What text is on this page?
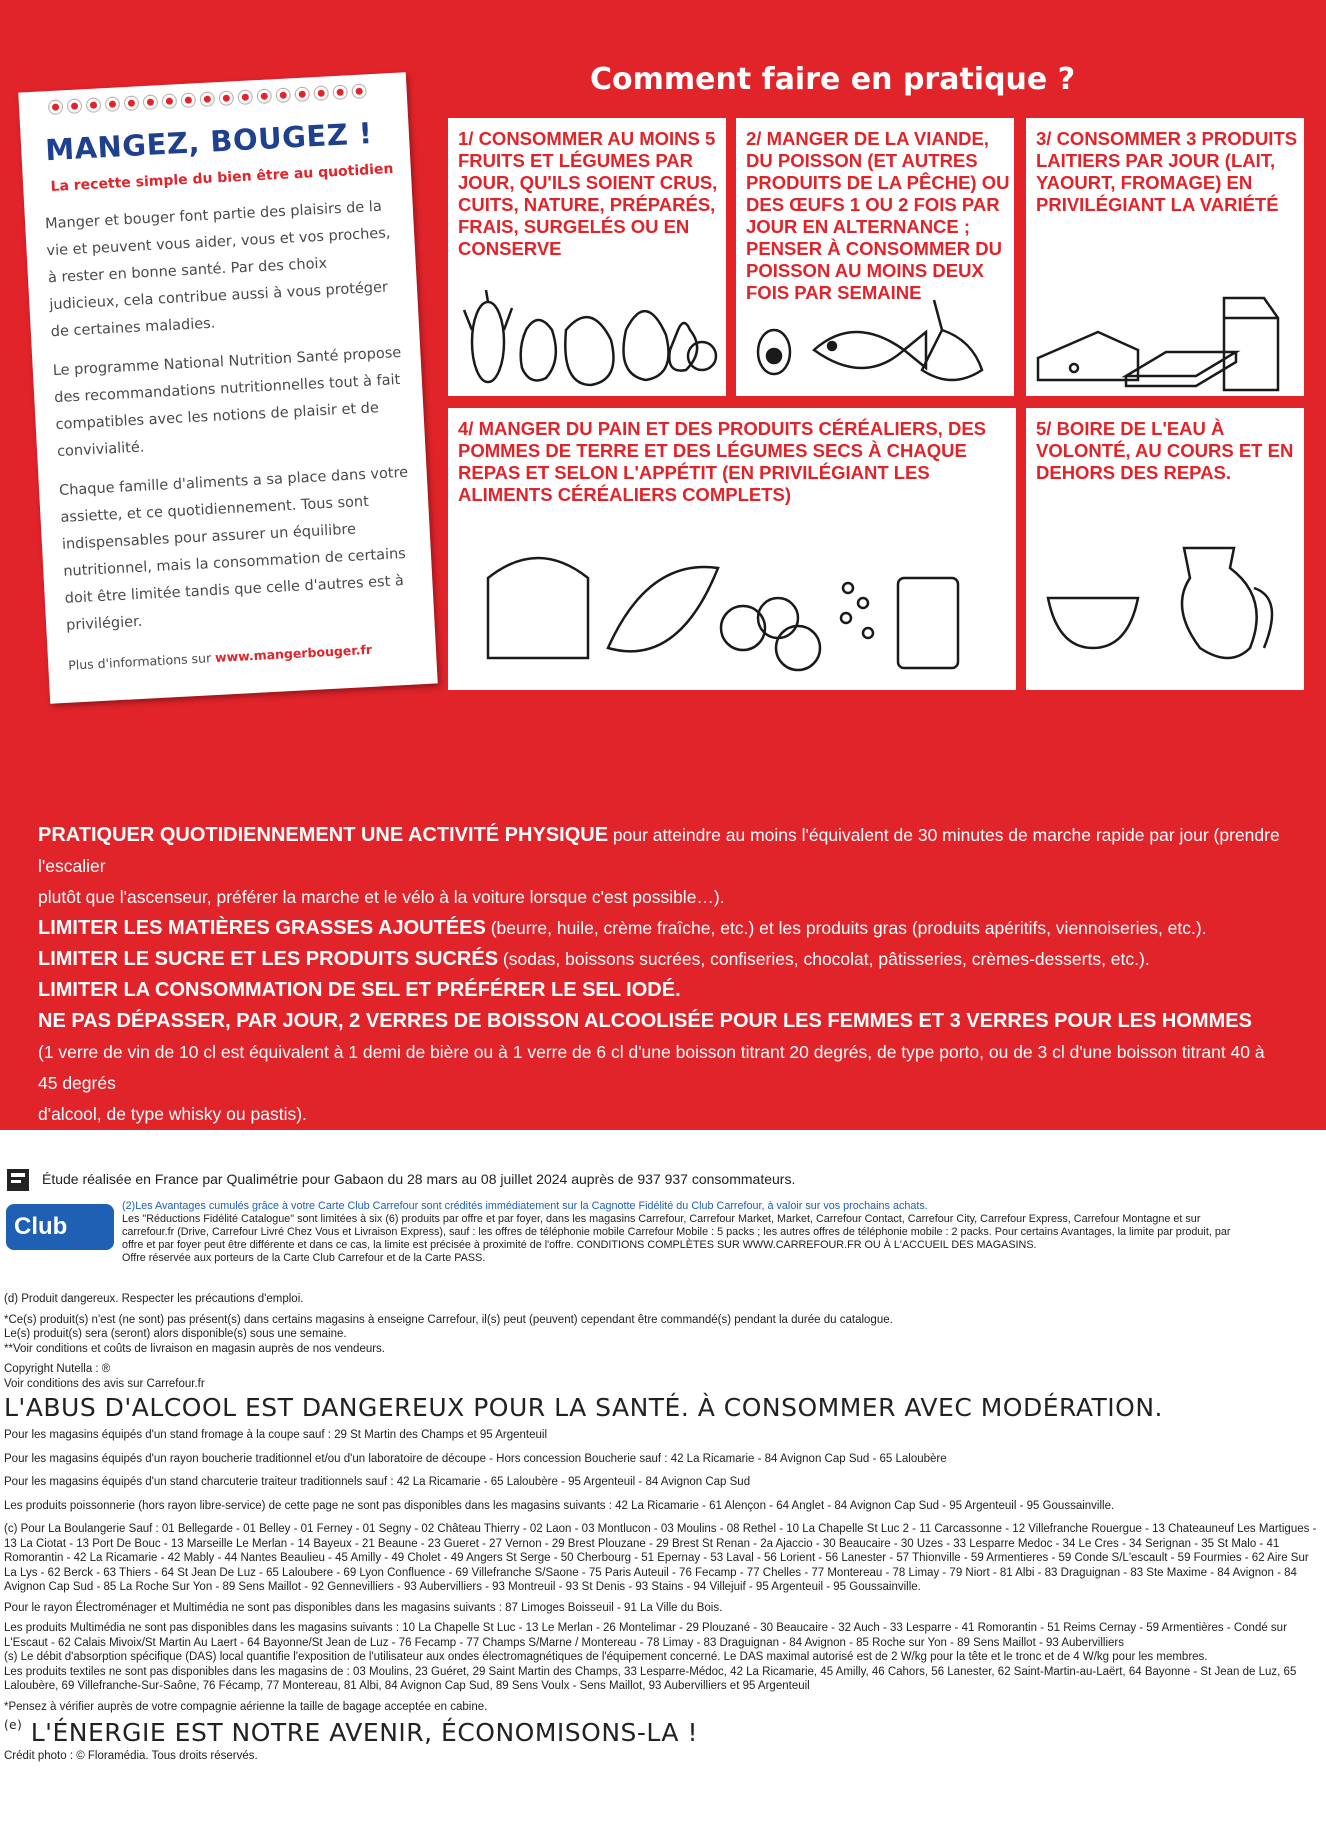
MANGEZ, BOUGEZ !

La recette simple du bien être au quotidien

Manger et bouger font partie des plaisirs de la vie et peuvent vous aider, vous et vos proches, à rester en bonne santé. Par des choix judicieux, cela contribue aussi à vous protéger de certaines maladies.

Le programme National Nutrition Santé propose des recommandations nutritionnelles tout à fait compatibles avec les notions de plaisir et de convivialité.

Chaque famille d'aliments a sa place dans votre assiette, et ce quotidiennement. Tous sont indispensables pour assurer un équilibre nutritionnel, mais la consommation de certains doit être limitée tandis que celle d'autres est à privilégier.

Plus d'informations sur www.mangerbouger.fr

Comment faire en pratique ?
1/ CONSOMMER AU MOINS 5 FRUITS ET LÉGUMES PAR JOUR, QU'ILS SOIENT CRUS, CUITS, NATURE, PRÉPARÉS, FRAIS, SURGELÉS OU EN CONSERVE
2/ MANGER DE LA VIANDE, DU POISSON (ET AUTRES PRODUITS DE LA PÊCHE) OU DES ŒUFS 1 OU 2 FOIS PAR JOUR EN ALTERNANCE ; PENSER À CONSOMMER DU POISSON AU MOINS DEUX FOIS PAR SEMAINE
3/ CONSOMMER 3 PRODUITS LAITIERS PAR JOUR (LAIT, YAOURT, FROMAGE) EN PRIVILÉGIANT LA VARIÉTÉ
4/ MANGER DU PAIN ET DES PRODUITS CÉRÉALIERS, DES POMMES DE TERRE ET DES LÉGUMES SECS À CHAQUE REPAS ET SELON L'APPÉTIT (EN PRIVILÉGIANT LES ALIMENTS CÉRÉALIERS COMPLETS)
5/ BOIRE DE L'EAU À VOLONTÉ, AU COURS ET EN DEHORS DES REPAS.

PRATIQUER QUOTIDIENNEMENT UNE ACTIVITÉ PHYSIQUE pour atteindre au moins l'équivalent de 30 minutes de marche rapide par jour (prendre l'escalier

plutôt que l'ascenseur, préférer la marche et le vélo à la voiture lorsque c'est possible…).

LIMITER LES MATIÈRES GRASSES AJOUTÉES (beurre, huile, crème fraîche, etc.) et les produits gras (produits apéritifs, viennoiseries, etc.).

LIMITER LE SUCRE ET LES PRODUITS SUCRÉS (sodas, boissons sucrées, confiseries, chocolat, pâtisseries, crèmes-desserts, etc.).

LIMITER LA CONSOMMATION DE SEL ET PRÉFÉRER LE SEL IODÉ.

NE PAS DÉPASSER, PAR JOUR, 2 VERRES DE BOISSON ALCOOLISÉE POUR LES FEMMES ET 3 VERRES POUR LES HOMMES

(1 verre de vin de 10 cl est équivalent à 1 demi de bière ou à 1 verre de 6 cl d'une boisson titrant 20 degrés, de type porto, ou de 3 cl d'une boisson titrant 40 à 45 degrés

d'alcool, de type whisky ou pastis).

Étude réalisée en France par Qualimétrie pour Gabaon du 28 mars au 08 juillet 2024 auprès de 937 937 consommateurs.

Club

(2)Les Avantages cumulés grâce à votre Carte Club Carrefour sont crédités immédiatement sur la Cagnotte Fidélité du Club Carrefour, à valoir sur vos prochains achats.

Les "Réductions Fidélité Catalogue" sont limitées à six (6) produits par offre et par foyer, dans les magasins Carrefour, Carrefour Market, Market, Carrefour Contact, Carrefour City, Carrefour Express, Carrefour Montagne et sur

carrefour.fr (Drive, Carrefour Livré Chez Vous et Livraison Express), sauf : les offres de téléphonie mobile Carrefour Mobile : 5 packs ; les autres offres de téléphonie mobile : 2 packs. Pour certains Avantages, la limite par produit, par

offre et par foyer peut être différente et dans ce cas, la limite est précisée à proximité de l'offre. CONDITIONS COMPLÈTES SUR WWW.CARREFOUR.FR OU À L'ACCUEIL DES MAGASINS.

Offre réservée aux porteurs de la Carte Club Carrefour et de la Carte PASS.

(d) Produit dangereux. Respecter les précautions d'emploi.

*Ce(s) produit(s) n'est (ne sont) pas présent(s) dans certains magasins à enseigne Carrefour, il(s) peut (peuvent) cependant être commandé(s) pendant la durée du catalogue.

Le(s) produit(s) sera (seront) alors disponible(s) sous une semaine.

**Voir conditions et coûts de livraison en magasin auprès de nos vendeurs.

Copyright Nutella : ®

Voir conditions des avis sur Carrefour.fr

L'ABUS D'ALCOOL EST DANGEREUX POUR LA SANTÉ. À CONSOMMER AVEC MODÉRATION.

Pour les magasins équipés d'un stand fromage à la coupe sauf : 29 St Martin des Champs et 95 Argenteuil

Pour les magasins équipés d'un rayon boucherie traditionnel et/ou d'un laboratoire de découpe - Hors concession Boucherie sauf : 42 La Ricamarie - 84 Avignon Cap Sud - 65 Laloubère

Pour les magasins équipés d'un stand charcuterie traiteur traditionnels sauf : 42 La Ricamarie - 65 Laloubère - 95 Argenteuil - 84 Avignon Cap Sud

Les produits poissonnerie (hors rayon libre-service) de cette page ne sont pas disponibles dans les magasins suivants : 42 La Ricamarie - 61 Alençon - 64 Anglet - 84 Avignon Cap Sud - 95 Argenteuil - 95 Goussainville.

(c) Pour La Boulangerie Sauf : 01 Bellegarde - 01 Belley - 01 Ferney - 01 Segny - 02 Château Thierry - 02 Laon - 03 Montlucon - 03 Moulins - 08 Rethel - 10 La Chapelle St Luc 2 - 11 Carcassonne - 12 Villefranche Rouergue - 13 Chateauneuf Les Martigues - 13 La Ciotat - 13 Port De Bouc - 13 Marseille Le Merlan - 14 Bayeux - 21 Beaune - 23 Gueret - 27 Vernon - 29 Brest Plouzane - 29 Brest St Renan - 2a Ajaccio - 30 Beaucaire - 30 Uzes - 33 Lesparre Medoc - 34 Le Cres - 34 Serignan - 35 St Malo - 41 Romorantin - 42 La Ricamarie - 42 Mably - 44 Nantes Beaulieu - 45 Amilly - 49 Cholet - 49 Angers St Serge - 50 Cherbourg - 51 Epernay - 53 Laval - 56 Lorient - 56 Lanester - 57 Thionville - 59 Armentieres - 59 Conde S/L'escault - 59 Fourmies - 62 Aire Sur La Lys - 62 Berck - 63 Thiers - 64 St Jean De Luz - 65 Laloubere - 69 Lyon Confluence - 69 Villefranche S/Saone - 75 Paris Auteuil - 76 Fecamp - 77 Chelles - 77 Montereau - 78 Limay - 79 Niort - 81 Albi - 83 Draguignan - 83 Ste Maxime - 84 Avignon - 84 Avignon Cap Sud - 85 La Roche Sur Yon - 89 Sens Maillot - 92 Gennevilliers - 93 Aubervilliers - 93 Montreuil - 93 St Denis - 93 Stains - 94 Villejuif - 95 Argenteuil - 95 Goussainville.

Pour le rayon Électroménager et Multimédia ne sont pas disponibles dans les magasins suivants : 87 Limoges Boisseuil - 91 La Ville du Bois.

Les produits Multimédia ne sont pas disponibles dans les magasins suivants : 10 La Chapelle St Luc - 13 Le Merlan - 26 Montelimar - 29 Plouzané - 30 Beaucaire - 32 Auch - 33 Lesparre - 41 Romorantin - 51 Reims Cernay - 59 Armentières - Condé sur L'Escaut - 62 Calais Mivoix/St Martin Au Laert - 64 Bayonne/St Jean de Luz - 76 Fecamp - 77 Champs S/Marne / Montereau - 78 Limay - 83 Draguignan - 84 Avignon - 85 Roche sur Yon - 89 Sens Maillot - 93 Aubervilliers

(s) Le débit d'absorption spécifique (DAS) local quantifie l'exposition de l'utilisateur aux ondes électromagnétiques de l'équipement concerné. Le DAS maximal autorisé est de 2 W/kg pour la tête et le tronc et de 4 W/kg pour les membres.

Les produits textiles ne sont pas disponibles dans les magasins de : 03 Moulins, 23 Guéret, 29 Saint Martin des Champs, 33 Lesparre-Médoc, 42 La Ricamarie, 45 Amilly, 46 Cahors, 56 Lanester, 62 Saint-Martin-au-Laërt, 64 Bayonne - St Jean de Luz, 65 Laloubère, 69 Villefranche-Sur-Saône, 76 Fécamp, 77 Montereau, 81 Albi, 84 Avignon Cap Sud, 89 Sens Voulx - Sens Maillot, 93 Aubervilliers et 95 Argenteuil

*Pensez à vérifier auprès de votre compagnie aérienne la taille de bagage acceptée en cabine.

$^{(e)}$ L'ÉNERGIE EST NOTRE AVENIR, ÉCONOMISONS-LA !

Crédit photo : © Floramédia. Tous droits réservés.
